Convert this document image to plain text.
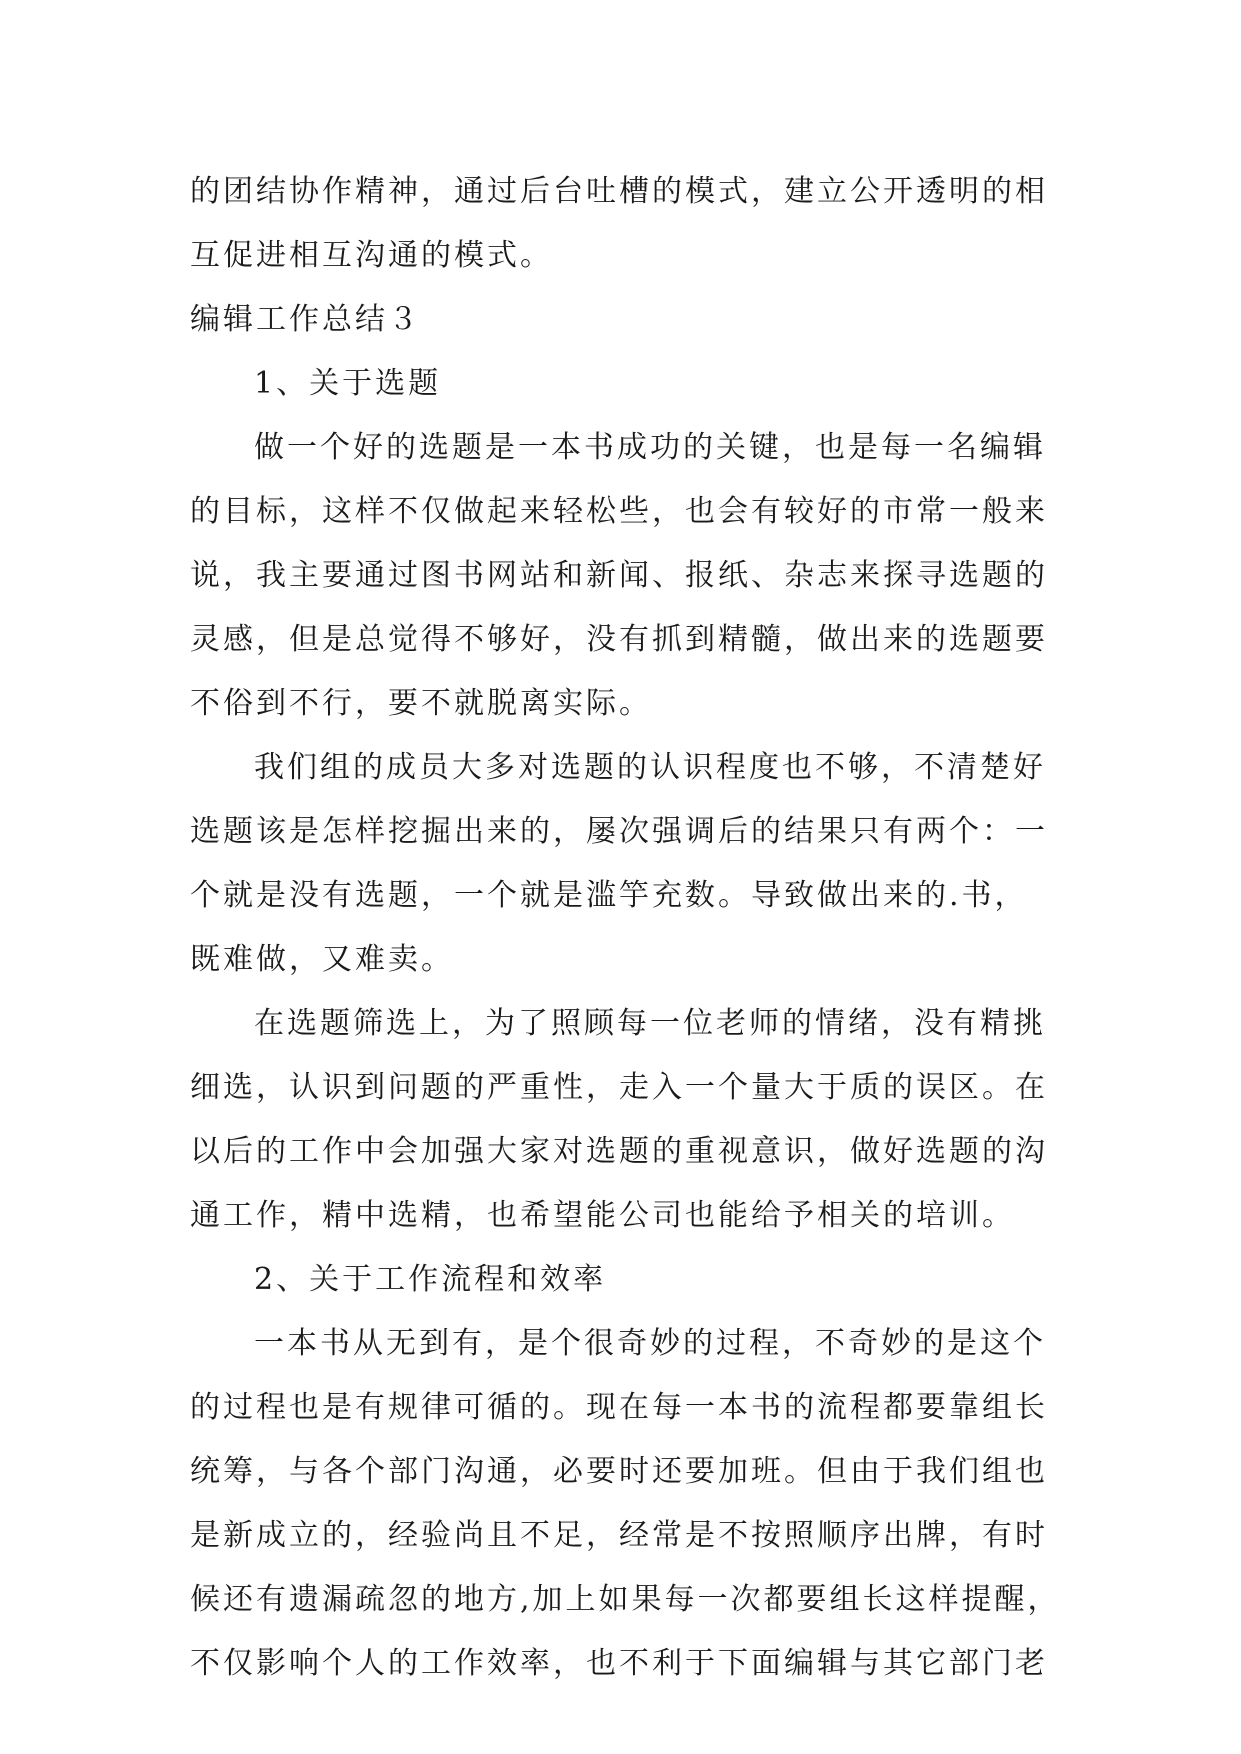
的团结协作精神，通过后台吐槽的模式，建立公开透明的相
互促进相互沟通的模式。
编辑工作总结３
1、关于选题
做一个好的选题是一本书成功的关键，也是每一名编辑
的目标，这样不仅做起来轻松些，也会有较好的市常一般来
说，我主要通过图书网站和新闻、报纸、杂志来探寻选题的
灵感，但是总觉得不够好，没有抓到精髓，做出来的选题要
不俗到不行，要不就脱离实际。
我们组的成员大多对选题的认识程度也不够，不清楚好
选题该是怎样挖掘出来的，屡次强调后的结果只有两个：一
个就是没有选题，一个就是滥竽充数。导致做出来的.书，
既难做，又难卖。
在选题筛选上，为了照顾每一位老师的情绪，没有精挑
细选，认识到问题的严重性，走入一个量大于质的误区。在
以后的工作中会加强大家对选题的重视意识，做好选题的沟
通工作，精中选精，也希望能公司也能给予相关的培训。
2、关于工作流程和效率
一本书从无到有，是个很奇妙的过程，不奇妙的是这个
的过程也是有规律可循的。现在每一本书的流程都要靠组长
统筹，与各个部门沟通，必要时还要加班。但由于我们组也
是新成立的，经验尚且不足，经常是不按照顺序出牌，有时
候还有遗漏疏忽的地方,加上如果每一次都要组长这样提醒，
不仅影响个人的工作效率，也不利于下面编辑与其它部门老
